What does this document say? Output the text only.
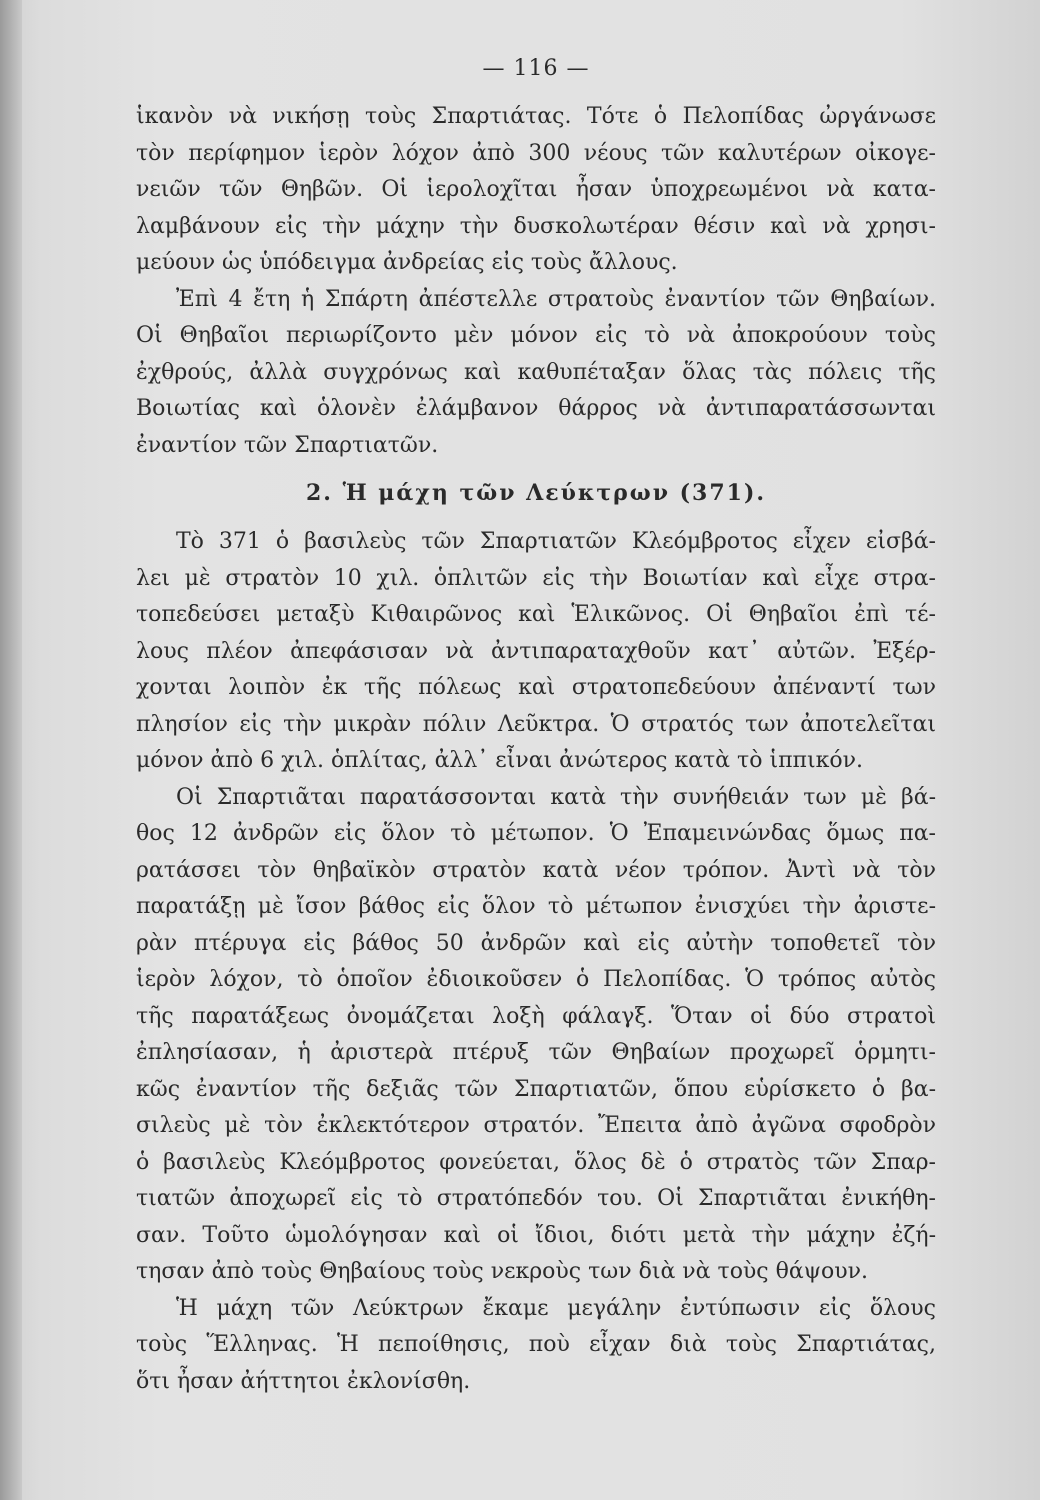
— 116 —

ἱκανὸν νὰ νικήσῃ τοὺς Σπαρτιάτας. Τότε ὁ Πελοπίδας ὠργάνωσε
τὸν περίφημον ἱερὸν λόχον ἀπὸ 300 νέους τῶν καλυτέρων οἰκογε-
νειῶν τῶν Θηβῶν. Οἱ ἱερολοχῖται ἦσαν ὑποχρεωμένοι νὰ κατα-
λαμβάνουν εἰς τὴν μάχην τὴν δυσκολωτέραν θέσιν καὶ νὰ χρησι-
μεύουν ὡς ὑπόδειγμα ἀνδρείας εἰς τοὺς ἄλλους.

Ἐπὶ 4 ἔτη ἡ Σπάρτη ἀπέστελλε στρατοὺς ἐναντίον τῶν Θηβαίων.
Οἱ Θηβαῖοι περιωρίζοντο μὲν μόνον εἰς τὸ νὰ ἀποκρούουν τοὺς
ἐχθρούς, ἀλλὰ συγχρόνως καὶ καθυπέταξαν ὅλας τὰς πόλεις τῆς
Βοιωτίας καὶ ὁλονὲν ἐλάμβανον θάρρος νὰ ἀντιπαρατάσσωνται
ἐναντίον τῶν Σπαρτιατῶν.

2. Ἡ μάχη τῶν Λεύκτρων (371).

Τὸ 371 ὁ βασιλεὺς τῶν Σπαρτιατῶν Κλεόμβροτος εἶχεν εἰσβά-
λει μὲ στρατὸν 10 χιλ. ὁπλιτῶν εἰς τὴν Βοιωτίαν καὶ εἶχε στρα-
τοπεδεύσει μεταξὺ Κιθαιρῶνος καὶ Ἑλικῶνος. Οἱ Θηβαῖοι ἐπὶ τέ-
λους πλέον ἀπεφάσισαν νὰ ἀντιπαραταχθοῦν κατ᾽ αὐτῶν. Ἐξέρ-
χονται λοιπὸν ἐκ τῆς πόλεως καὶ στρατοπεδεύουν ἀπέναντί των
πλησίον εἰς τὴν μικρὰν πόλιν Λεῦκτρα. Ὁ στρατός των ἀποτελεῖται
μόνον ἀπὸ 6 χιλ. ὁπλίτας, ἀλλ᾽ εἶναι ἀνώτερος κατὰ τὸ ἱππικόν.

Οἱ Σπαρτιᾶται παρατάσσονται κατὰ τὴν συνήθειάν των μὲ βά-
θος 12 ἀνδρῶν εἰς ὅλον τὸ μέτωπον. Ὁ Ἐπαμεινώνδας ὅμως πα-
ρατάσσει τὸν θηβαϊκὸν στρατὸν κατὰ νέον τρόπον. Ἀντὶ νὰ τὸν
παρατάξῃ μὲ ἴσον βάθος εἰς ὅλον τὸ μέτωπον ἐνισχύει τὴν ἀριστε-
ρὰν πτέρυγα εἰς βάθος 50 ἀνδρῶν καὶ εἰς αὐτὴν τοποθετεῖ τὸν
ἱερὸν λόχον, τὸ ὁποῖον ἐδιοικοῦσεν ὁ Πελοπίδας. Ὁ τρόπος αὐτὸς
τῆς παρατάξεως ὀνομάζεται λοξὴ φάλαγξ. Ὅταν οἱ δύο στρατοὶ
ἐπλησίασαν, ἡ ἀριστερὰ πτέρυξ τῶν Θηβαίων προχωρεῖ ὁρμητι-
κῶς ἐναντίον τῆς δεξιᾶς τῶν Σπαρτιατῶν, ὅπου εὑρίσκετο ὁ βα-
σιλεὺς μὲ τὸν ἐκλεκτότερον στρατόν. Ἔπειτα ἀπὸ ἀγῶνα σφοδρὸν
ὁ βασιλεὺς Κλεόμβροτος φονεύεται, ὅλος δὲ ὁ στρατὸς τῶν Σπαρ-
τιατῶν ἀποχωρεῖ εἰς τὸ στρατόπεδόν του. Οἱ Σπαρτιᾶται ἐνικήθη-
σαν. Τοῦτο ὡμολόγησαν καὶ οἱ ἴδιοι, διότι μετὰ τὴν μάχην ἐζή-
τησαν ἀπὸ τοὺς Θηβαίους τοὺς νεκροὺς των διὰ νὰ τοὺς θάψουν.

Ἡ μάχη τῶν Λεύκτρων ἔκαμε μεγάλην ἐντύπωσιν εἰς ὅλους
τοὺς Ἕλληνας. Ἡ πεποίθησις, ποὺ εἶχαν διὰ τοὺς Σπαρτιάτας,
ὅτι ἦσαν ἀήττητοι ἐκλονίσθη.
